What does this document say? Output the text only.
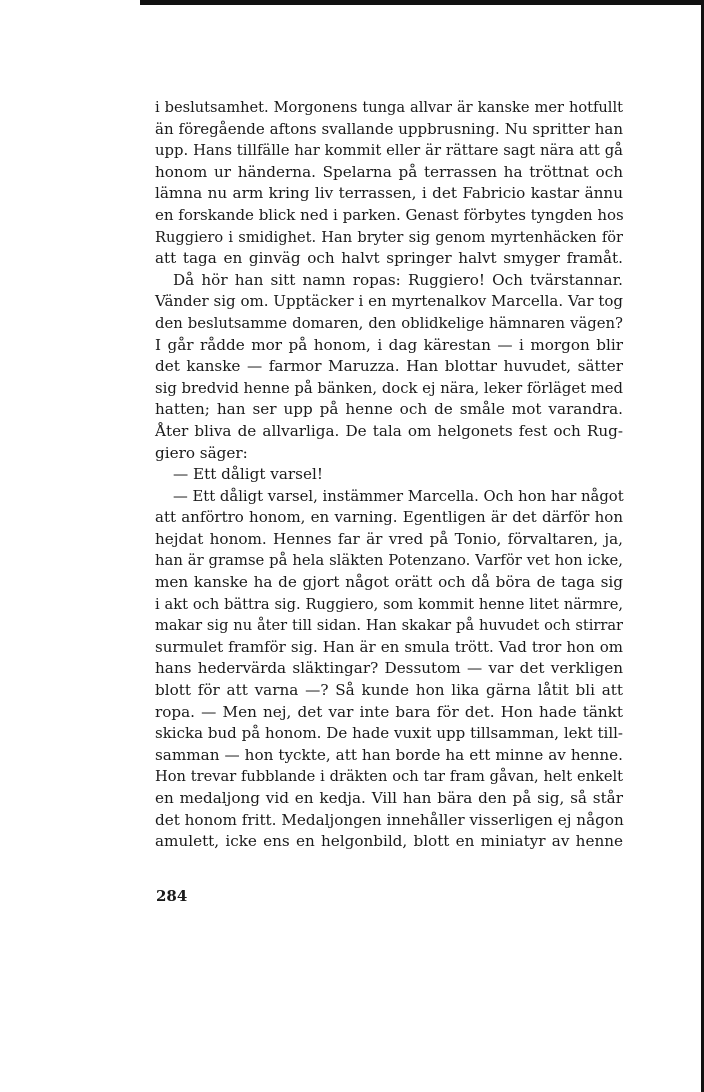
i beslutsamhet. Morgonens tunga allvar är kanske mer hotfullt
än föregående aftons svallande uppbrusning. Nu spritter han
upp. Hans tillfälle har kommit eller är rättare sagt nära att gå
honom ur händerna. Spelarna på terrassen ha tröttnat och
lämna nu arm kring liv terrassen, i det Fabricio kastar ännu
en forskande blick ned i parken. Genast förbytes tyngden hos
Ruggiero i smidighet. Han bryter sig genom myrtenhäcken för
att taga en ginväg och halvt springer halvt smyger framåt.
Då hör han sitt namn ropas: Ruggiero! Och tvärstannar.
Vänder sig om. Upptäcker i en myrtenalkov Marcella. Var tog
den beslutsamme domaren, den oblidkelige hämnaren vägen?
I går rådde mor på honom, i dag kärestan — i morgon blir
det kanske — farmor Maruzza. Han blottar huvudet, sätter
sig bredvid henne på bänken, dock ej nära, leker förläget med
hatten; han ser upp på henne och de småle mot varandra.
Åter bliva de allvarliga. De tala om helgonets fest och Rug-
giero säger:
— Ett dåligt varsel!
— Ett dåligt varsel, instämmer Marcella. Och hon har något
att anförtro honom, en varning. Egentligen är det därför hon
hejdat honom. Hennes far är vred på Tonio, förvaltaren, ja,
han är gramse på hela släkten Potenzano. Varför vet hon icke,
men kanske ha de gjort något orätt och då böra de taga sig
i akt och bättra sig. Ruggiero, som kommit henne litet närmre,
makar sig nu åter till sidan. Han skakar på huvudet och stirrar
surmulet framför sig. Han är en smula trött. Vad tror hon om
hans hedervärda släktingar? Dessutom — var det verkligen
blott för att varna —? Så kunde hon lika gärna låtit bli att
ropa. — Men nej, det var inte bara för det. Hon hade tänkt
skicka bud på honom. De hade vuxit upp tillsamman, lekt till-
samman — hon tyckte, att han borde ha ett minne av henne.
Hon trevar fubblande i dräkten och tar fram gåvan, helt enkelt
en medaljong vid en kedja. Vill han bära den på sig, så står
det honom fritt. Medaljongen innehåller visserligen ej någon
amulett, icke ens en helgonbild, blott en miniatyr av henne
284
